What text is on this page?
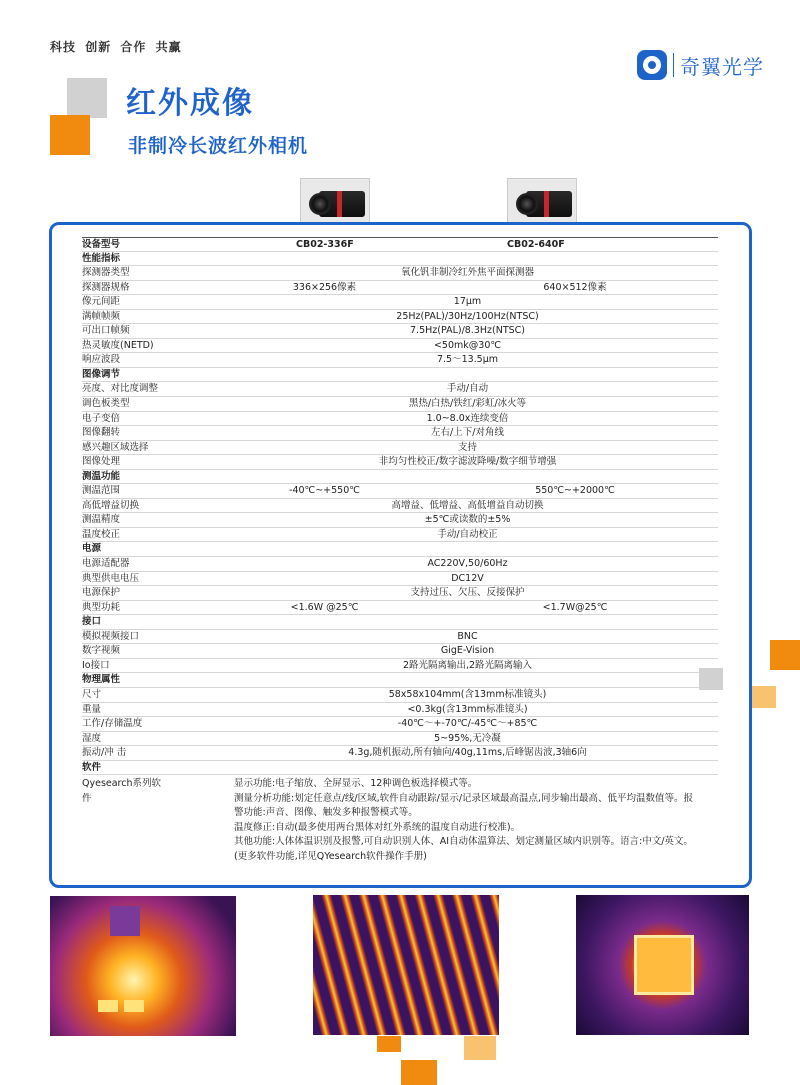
科技 创新 合作 共赢
奇翼光学
红外成像
非制冷长波红外相机
设备型号	CB02-336F	CB02-640F
性能指标
探测器类型	氧化钒非制冷红外焦平面探测器
探测器规格	336×256像素	640×512像素
像元间距	17μm
满帧帧频	25Hz(PAL)/30Hz/100Hz(NTSC)
可出口帧频	7.5Hz(PAL)/8.3Hz(NTSC)
热灵敏度(NETD)	<50mk@30℃
响应波段	7.5～13.5μm
图像调节
亮度、对比度调整	手动/自动
调色板类型	黑热/白热/铁红/彩虹/冰火等
电子变倍	1.0~8.0x连续变倍
图像翻转	左右/上下/对角线
感兴趣区域选择	支持
图像处理	非均匀性校正/数字滤波降噪/数字细节增强
测温功能
测温范围	-40℃~+550℃	550℃~+2000℃
高低增益切换	高增益、低增益、高低增益自动切换
测温精度	±5℃或读数的±5%
温度校正	手动/自动校正
电源
电源适配器	AC220V,50/60Hz
典型供电电压	DC12V
电源保护	支持过压、欠压、反接保护
典型功耗	<1.6W @25℃	<1.7W@25℃
接口
模拟视频接口	BNC
数字视频	GigE-Vision
Io接口	2路光隔离输出,2路光隔离输入
物理属性
尺寸	58x58x104mm(含13mm标准镜头)
重量	<0.3kg(含13mm标准镜头)
工作/存储温度	-40℃～+-70℃/-45℃～+85℃
湿度	5~95%,无冷凝
振动/冲 击	4.3g,随机振动,所有轴向/40g,11ms,后峰锯齿波,3轴6向
软件
Qyesearch系列软
件
显示功能:电子缩放、全屏显示、12种调色板选择模式等。
测量分析功能:划定任意点/线/区域,软件自动跟踪/显示/记录区域最高温点,同步输出最高、低平均温数值等。报
警功能:声音、图像、触发多种报警模式等。
温度修正:自动(最多使用两台黑体对红外系统的温度自动进行校准)。
其他功能:人体体温识别及报警,可自动识别人体、AI自动体温算法、划定测量区域内识别等。语言:中文/英文。
(更多软件功能,详见QYesearch软件操作手册)
